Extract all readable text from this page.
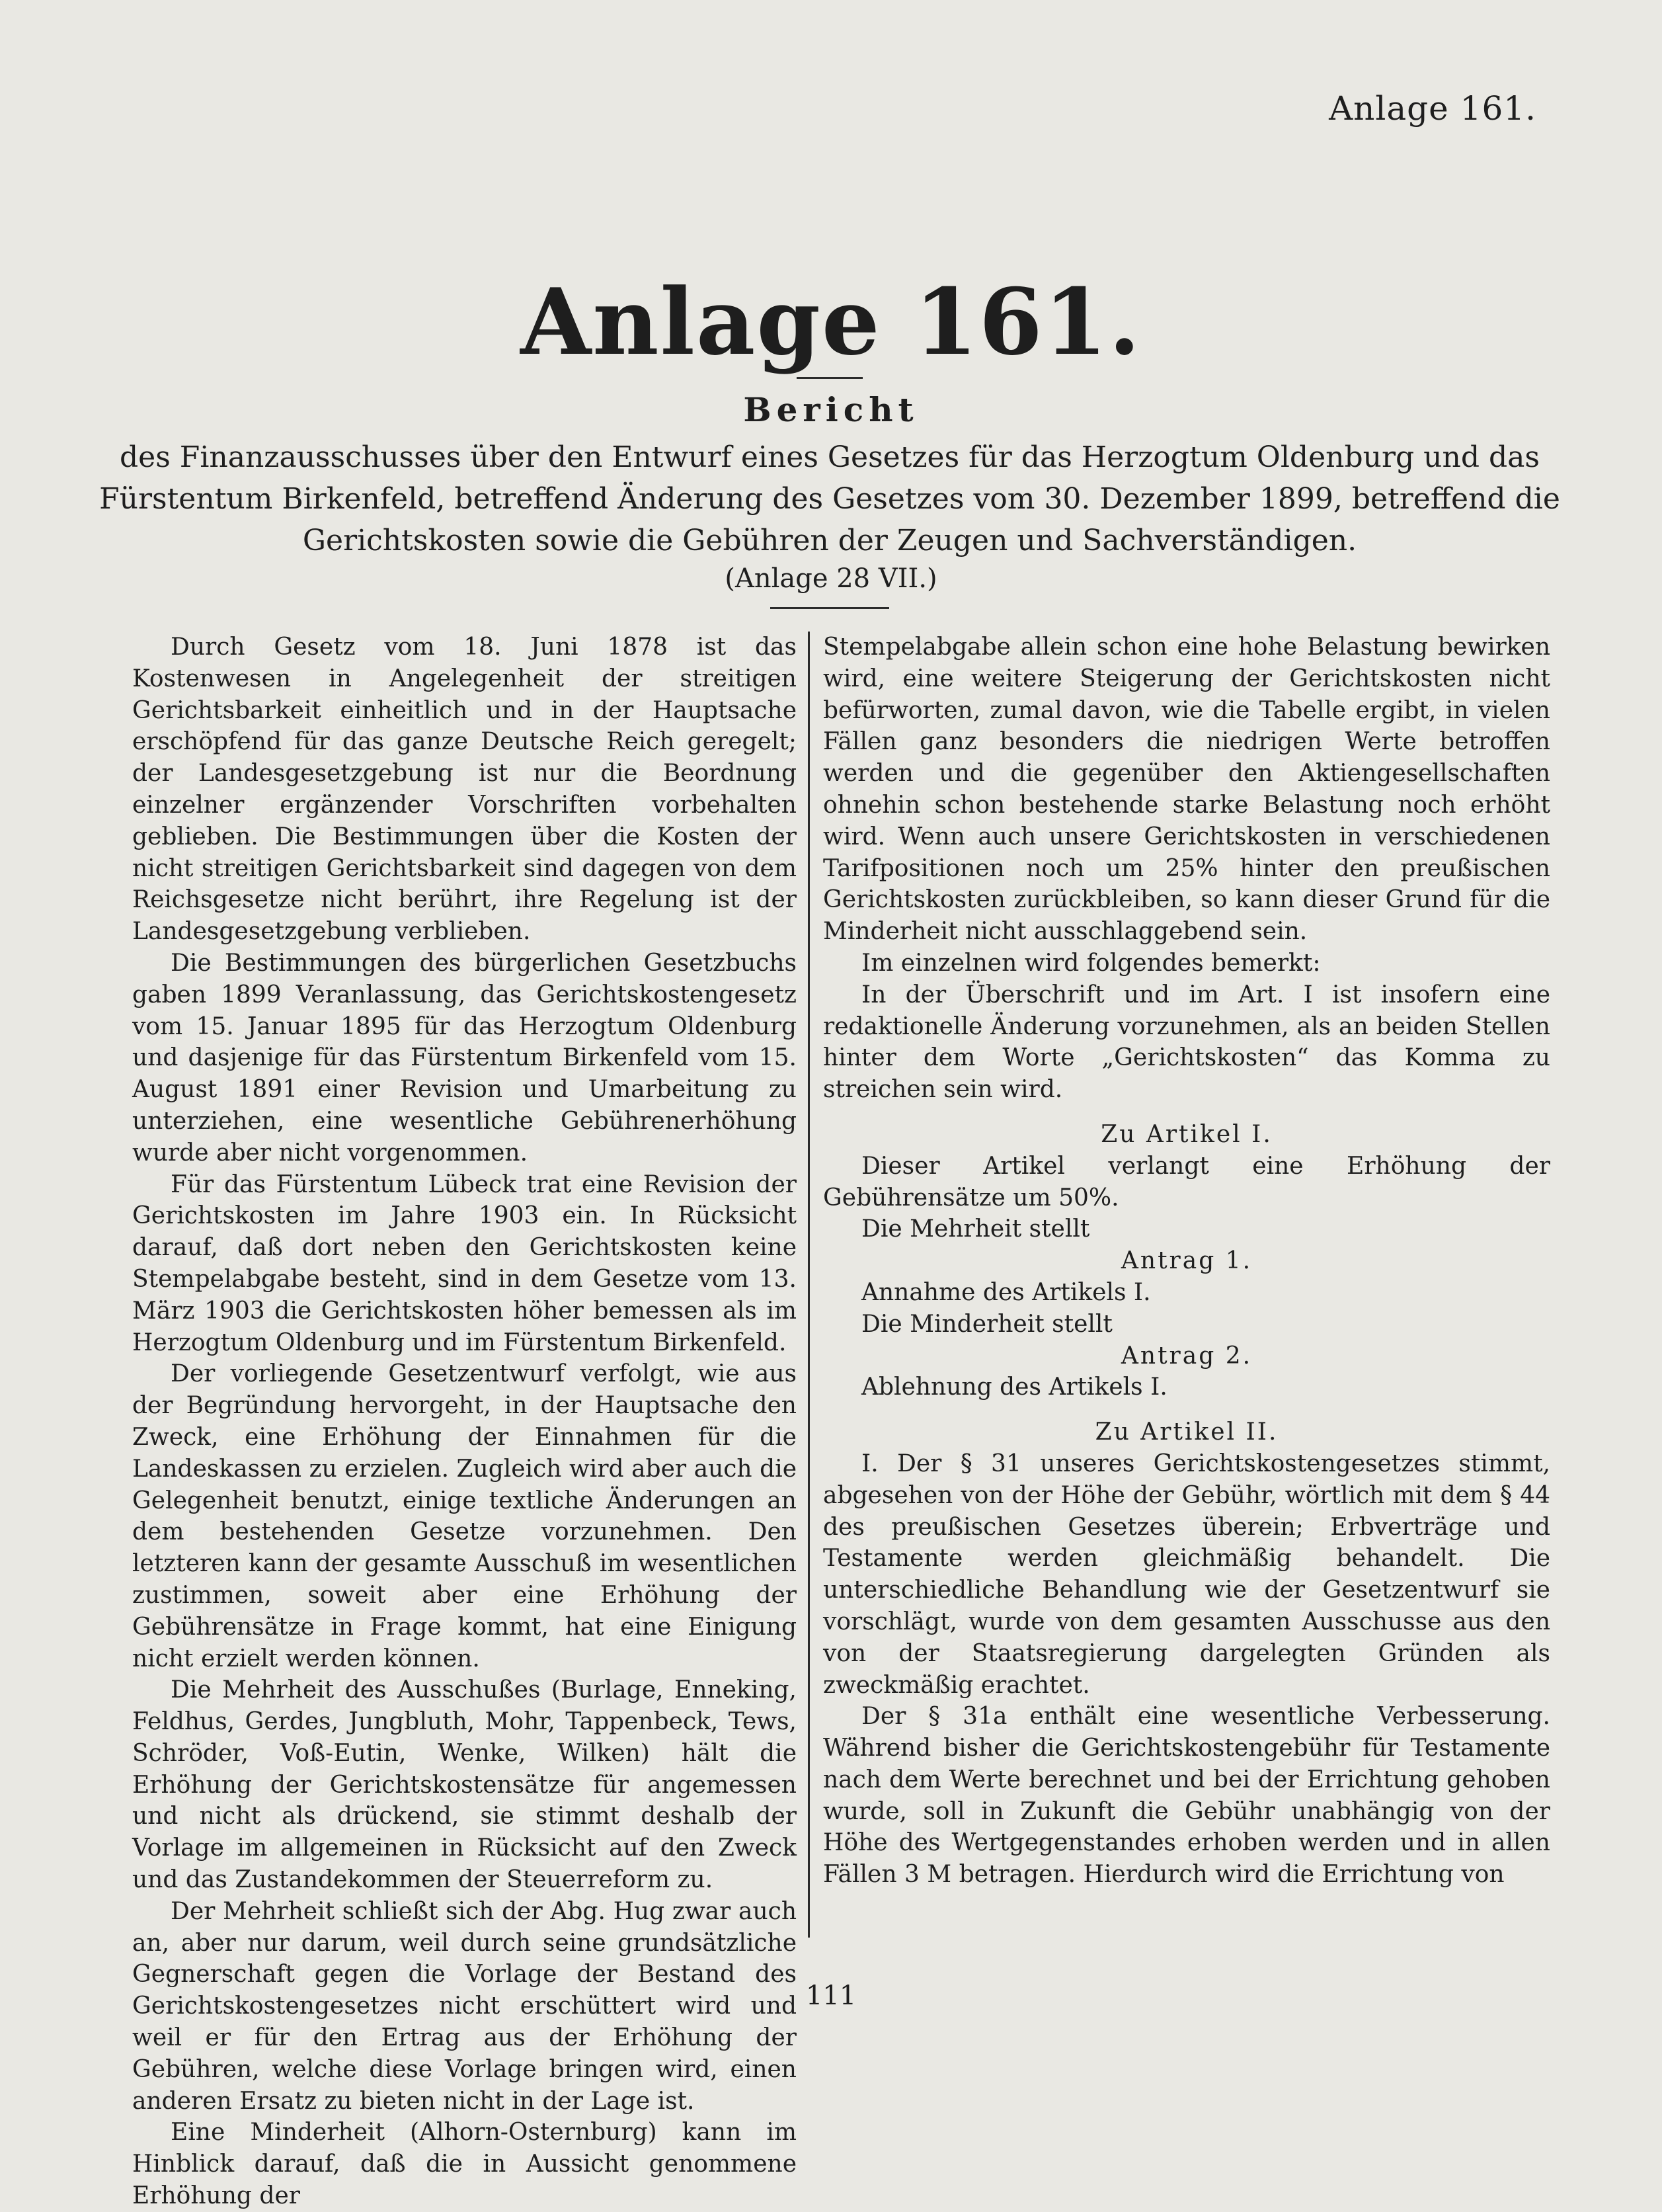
Anlage 161.
Anlage 161.
Bericht
des Finanzausschusses über den Entwurf eines Gesetzes für das Herzogtum Oldenburg und das Fürstentum Birkenfeld, betreffend Änderung des Gesetzes vom 30. Dezember 1899, betreffend die Gerichtskosten sowie die Gebühren der Zeugen und Sachverständigen.
(Anlage 28 VII.)

Durch Gesetz vom 18. Juni 1878 ist das Kostenwesen in Angelegenheit der streitigen Gerichtsbarkeit einheitlich und in der Hauptsache erschöpfend für das ganze Deutsche Reich geregelt; der Landesgesetzgebung ist nur die Beordnung einzelner ergänzender Vorschriften vorbehalten geblieben. Die Bestimmungen über die Kosten der nicht streitigen Gerichtsbarkeit sind dagegen von dem Reichsgesetze nicht berührt, ihre Regelung ist der Landesgesetzgebung verblieben.

Die Bestimmungen des bürgerlichen Gesetzbuchs gaben 1899 Veranlassung, das Gerichtskostengesetz vom 15. Januar 1895 für das Herzogtum Oldenburg und dasjenige für das Fürstentum Birkenfeld vom 15. August 1891 einer Revision und Umarbeitung zu unterziehen, eine wesentliche Gebührenerhöhung wurde aber nicht vorgenommen.

Für das Fürstentum Lübeck trat eine Revision der Gerichtskosten im Jahre 1903 ein. In Rücksicht darauf, daß dort neben den Gerichtskosten keine Stempelabgabe besteht, sind in dem Gesetze vom 13. März 1903 die Gerichtskosten höher bemessen als im Herzogtum Oldenburg und im Fürstentum Birkenfeld.

Der vorliegende Gesetzentwurf verfolgt, wie aus der Begründung hervorgeht, in der Hauptsache den Zweck, eine Erhöhung der Einnahmen für die Landeskassen zu erzielen. Zugleich wird aber auch die Gelegenheit benutzt, einige textliche Änderungen an dem bestehenden Gesetze vorzunehmen. Den letzteren kann der gesamte Ausschuß im wesentlichen zustimmen, soweit aber eine Erhöhung der Gebührensätze in Frage kommt, hat eine Einigung nicht erzielt werden können.

Die Mehrheit des Ausschußes (Burlage, Enneking, Feldhus, Gerdes, Jungbluth, Mohr, Tappenbeck, Tews, Schröder, Voß-Eutin, Wenke, Wilken) hält die Erhöhung der Gerichtskostensätze für angemessen und nicht als drückend, sie stimmt deshalb der Vorlage im allgemeinen in Rücksicht auf den Zweck und das Zustandekommen der Steuerreform zu.

Der Mehrheit schließt sich der Abg. Hug zwar auch an, aber nur darum, weil durch seine grundsätzliche Gegnerschaft gegen die Vorlage der Bestand des Gerichtskostengesetzes nicht erschüttert wird und weil er für den Ertrag aus der Erhöhung der Gebühren, welche diese Vorlage bringen wird, einen anderen Ersatz zu bieten nicht in der Lage ist.

Eine Minderheit (Alhorn-Osternburg) kann im Hinblick darauf, daß die in Aussicht genommene Erhöhung der

Stempelabgabe allein schon eine hohe Belastung bewirken wird, eine weitere Steigerung der Gerichtskosten nicht befürworten, zumal davon, wie die Tabelle ergibt, in vielen Fällen ganz besonders die niedrigen Werte betroffen werden und die gegenüber den Aktiengesellschaften ohnehin schon bestehende starke Belastung noch erhöht wird. Wenn auch unsere Gerichtskosten in verschiedenen Tarifpositionen noch um 25% hinter den preußischen Gerichtskosten zurückbleiben, so kann dieser Grund für die Minderheit nicht ausschlaggebend sein.

Im einzelnen wird folgendes bemerkt:

In der Überschrift und im Art. I ist insofern eine redaktionelle Änderung vorzunehmen, als an beiden Stellen hinter dem Worte „Gerichtskosten“ das Komma zu streichen sein wird.

Zu Artikel I.

Dieser Artikel verlangt eine Erhöhung der Gebührensätze um 50%.

Die Mehrheit stellt

Antrag 1.

Annahme des Artikels I.

Die Minderheit stellt

Antrag 2.

Ablehnung des Artikels I.

Zu Artikel II.

I. Der § 31 unseres Gerichtskostengesetzes stimmt, abgesehen von der Höhe der Gebühr, wörtlich mit dem § 44 des preußischen Gesetzes überein; Erbverträge und Testamente werden gleichmäßig behandelt. Die unterschiedliche Behandlung wie der Gesetzentwurf sie vorschlägt, wurde von dem gesamten Ausschusse aus den von der Staatsregierung dargelegten Gründen als zweckmäßig erachtet.

Der § 31a enthält eine wesentliche Verbesserung. Während bisher die Gerichtskostengebühr für Testamente nach dem Werte berechnet und bei der Errichtung gehoben wurde, soll in Zukunft die Gebühr unabhängig von der Höhe des Wertgegenstandes erhoben werden und in allen Fällen 3 M betragen. Hierdurch wird die Errichtung von

111
